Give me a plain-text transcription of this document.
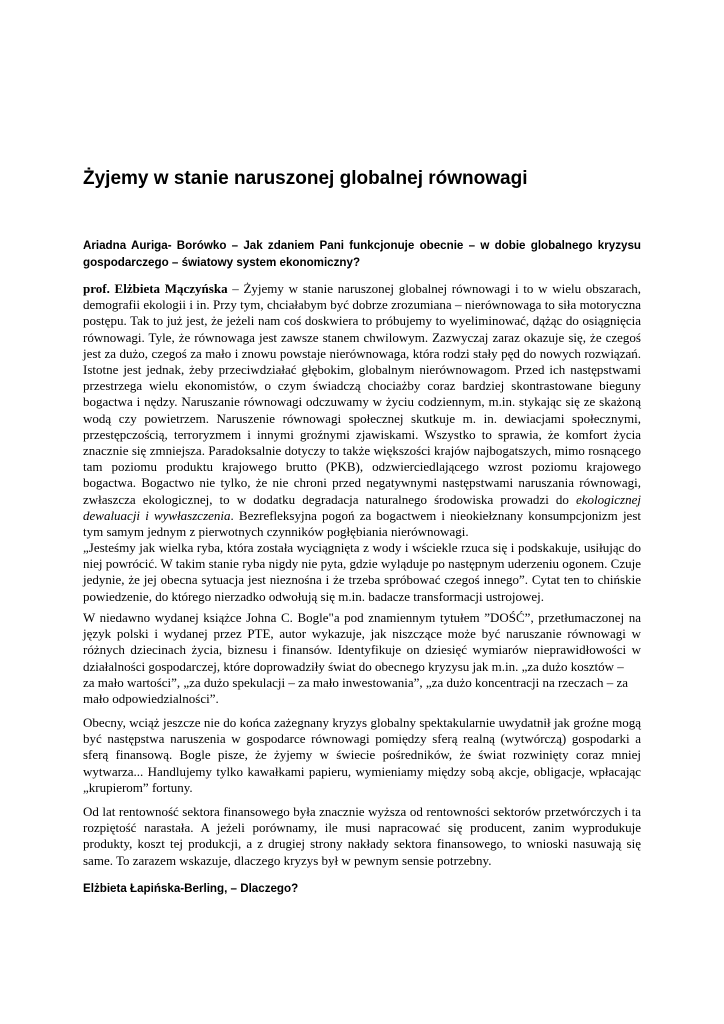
Żyjemy w stanie naruszonej globalnej równowagi

Ariadna Auriga- Borówko – Jak zdaniem Pani funkcjonuje obecnie – w dobie globalnego kryzysu gospodarczego – światowy system ekonomiczny?

prof. Elżbieta Mączyńska – Żyjemy w stanie naruszonej globalnej równowagi i to w wielu obszarach, demografii ekologii i in. Przy tym, chciałabym być dobrze zrozumiana – nierównowaga to siła motoryczna postępu. Tak to już jest, że jeżeli nam coś doskwiera to próbujemy to wyeliminować, dążąc do osiągnięcia równowagi. Tyle, że równowaga jest zawsze stanem chwilowym. Zazwyczaj zaraz okazuje się, że czegoś jest za dużo, czegoś za mało i znowu powstaje nierównowaga, która rodzi stały pęd do nowych rozwiązań. Istotne jest jednak, żeby przeciwdziałać głębokim, globalnym nierównowagom. Przed ich następstwami przestrzega wielu ekonomistów, o czym świadczą chociażby coraz bardziej skontrastowane bieguny bogactwa i nędzy. Naruszanie równowagi odczuwamy w życiu codziennym, m.in. stykając się ze skażoną wodą czy powietrzem. Naruszenie równowagi społecznej skutkuje m. in. dewiacjami społecznymi, przestępczością, terroryzmem i innymi groźnymi zjawiskami. Wszystko to sprawia, że komfort życia znacznie się zmniejsza. Paradoksalnie dotyczy to także większości krajów najbogatszych, mimo rosnącego tam poziomu produktu krajowego brutto (PKB), odzwierciedlającego wzrost poziomu krajowego bogactwa. Bogactwo nie tylko, że nie chroni przed negatywnymi następstwami naruszania równowagi, zwłaszcza ekologicznej, to w dodatku degradacja naturalnego środowiska prowadzi do ekologicznej dewaluacji i wywłaszczenia. Bezrefleksyjna pogoń za bogactwem i nieokiełznany konsumpcjonizm jest tym samym jednym z pierwotnych czynników pogłębiania nierównowagi.

„Jesteśmy jak wielka ryba, która została wyciągnięta z wody i wściekle rzuca się i podskakuje, usiłując do niej powrócić. W takim stanie ryba nigdy nie pyta, gdzie wyląduje po następnym uderzeniu ogonem. Czuje jedynie, że jej obecna sytuacja jest nieznośna i że trzeba spróbować czegoś innego”. Cytat ten to chińskie powiedzenie, do którego nierzadko odwołują się m.in. badacze transformacji ustrojowej.

W niedawno wydanej książce Johna C. Bogle"a pod znamiennym tytułem ”DOŚĆ”, przetłumaczonej na język polski i wydanej przez PTE, autor wykazuje, jak niszczące może być naruszanie równowagi w różnych dziecinach życia, biznesu i finansów. Identyfikuje on dziesięć wymiarów nieprawidłowości w działalności gospodarczej, które doprowadziły świat do obecnego kryzysu jak m.in. „za dużo kosztów –
za mało wartości”, „za dużo spekulacji – za mało inwestowania”, „za dużo koncentracji na rzeczach – za mało odpowiedzialności”.

Obecny, wciąż jeszcze nie do końca zażegnany kryzys globalny spektakularnie uwydatnił jak groźne mogą być następstwa naruszenia w gospodarce równowagi pomiędzy sferą realną (wytwórczą) gospodarki a sferą finansową. Bogle pisze, że żyjemy w świecie pośredników, że świat rozwinięty coraz mniej wytwarza... Handlujemy tylko kawałkami papieru, wymieniamy między sobą akcje, obligacje, wpłacając „krupierom” fortuny.

Od lat rentowność sektora finansowego była znacznie wyższa od rentowności sektorów przetwórczych i ta rozpiętość narastała. A jeżeli porównamy, ile musi napracować się producent, zanim wyprodukuje produkty, koszt tej produkcji, a z drugiej strony nakłady sektora finansowego, to wnioski nasuwają się same. To zarazem wskazuje, dlaczego kryzys był w pewnym sensie potrzebny.

Elżbieta Łapińska-Berling, – Dlaczego?
